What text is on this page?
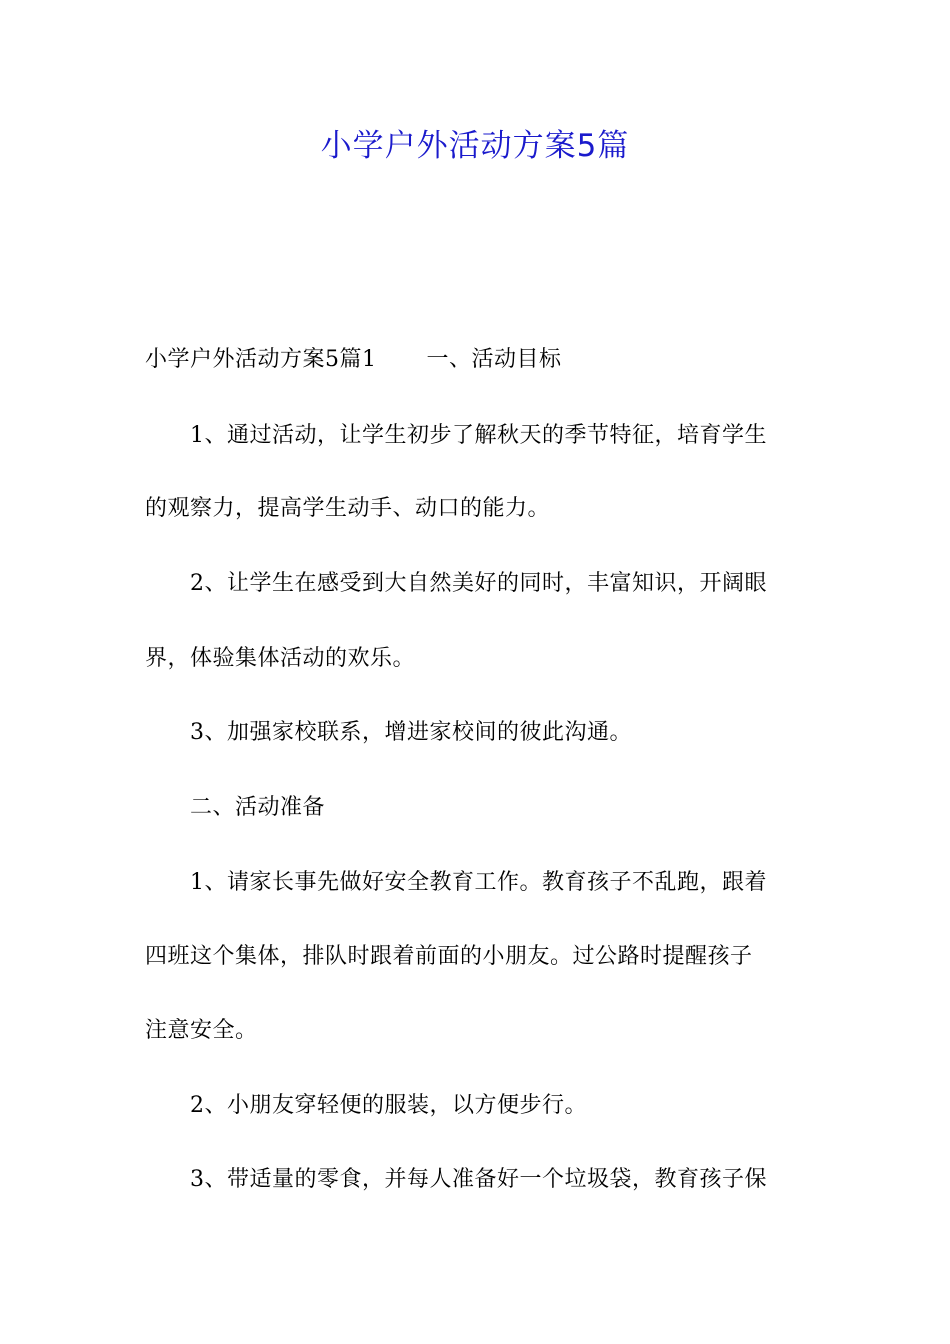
小学户外活动方案5篇
小学户外活动方案5篇1 一、活动目标
1、通过活动，让学生初步了解秋天的季节特征，培育学生
的观察力，提高学生动手、动口的能力。
2、让学生在感受到大自然美好的同时，丰富知识，开阔眼
界，体验集体活动的欢乐。
3、加强家校联系，增进家校间的彼此沟通。
二、活动准备
1、请家长事先做好安全教育工作。教育孩子不乱跑，跟着
四班这个集体，排队时跟着前面的小朋友。过公路时提醒孩子
注意安全。
2、小朋友穿轻便的服装，以方便步行。
3、带适量的零食，并每人准备好一个垃圾袋，教育孩子保
